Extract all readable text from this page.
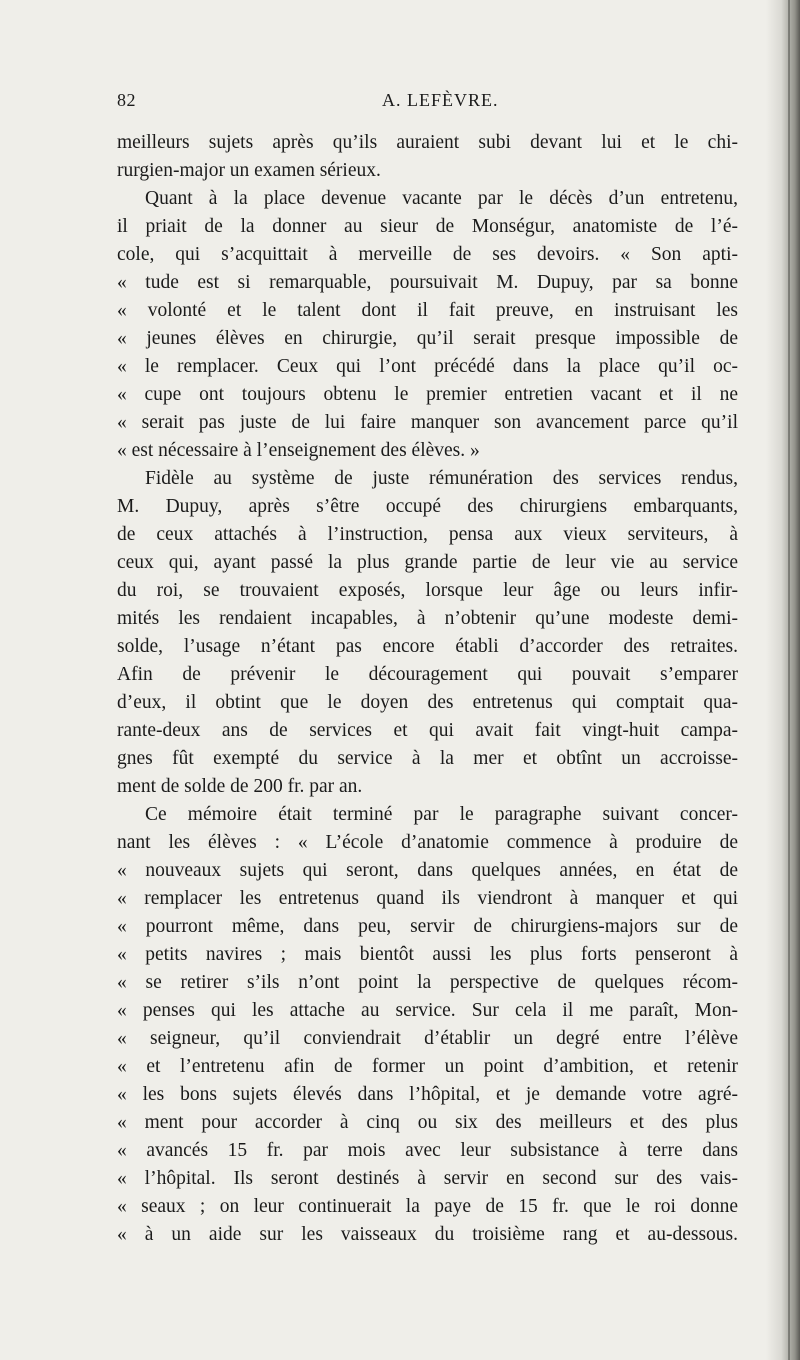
82	A. LEFÈVRE.
meilleurs sujets après qu’ils auraient subi devant lui et le chi-
rurgien-major un examen sérieux.
Quant à la place devenue vacante par le décès d’un entretenu,
il priait de la donner au sieur de Monségur, anatomiste de l’é-
cole, qui s’acquittait à merveille de ses devoirs. « Son apti-
« tude est si remarquable, poursuivait M. Dupuy, par sa bonne
« volonté et le talent dont il fait preuve, en instruisant les
« jeunes élèves en chirurgie, qu’il serait presque impossible de
« le remplacer. Ceux qui l’ont précédé dans la place qu’il oc-
« cupe ont toujours obtenu le premier entretien vacant et il ne
« serait pas juste de lui faire manquer son avancement parce qu’il
« est nécessaire à l’enseignement des élèves. »
Fidèle au système de juste rémunération des services rendus,
M. Dupuy, après s’être occupé des chirurgiens embarquants,
de ceux attachés à l’instruction, pensa aux vieux serviteurs, à
ceux qui, ayant passé la plus grande partie de leur vie au service
du roi, se trouvaient exposés, lorsque leur âge ou leurs infir-
mités les rendaient incapables, à n’obtenir qu’une modeste demi-
solde, l’usage n’étant pas encore établi d’accorder des retraites.
Afin de prévenir le découragement qui pouvait s’emparer
d’eux, il obtint que le doyen des entretenus qui comptait qua-
rante-deux ans de services et qui avait fait vingt-huit campa-
gnes fût exempté du service à la mer et obtînt un accroisse-
ment de solde de 200 fr. par an.
Ce mémoire était terminé par le paragraphe suivant concer-
nant les élèves : « L’école d’anatomie commence à produire de
« nouveaux sujets qui seront, dans quelques années, en état de
« remplacer les entretenus quand ils viendront à manquer et qui
« pourront même, dans peu, servir de chirurgiens-majors sur de
« petits navires ; mais bientôt aussi les plus forts penseront à
« se retirer s’ils n’ont point la perspective de quelques récom-
« penses qui les attache au service. Sur cela il me paraît, Mon-
« seigneur, qu’il conviendrait d’établir un degré entre l’élève
« et l’entretenu afin de former un point d’ambition, et retenir
« les bons sujets élevés dans l’hôpital, et je demande votre agré-
« ment pour accorder à cinq ou six des meilleurs et des plus
« avancés 15 fr. par mois avec leur subsistance à terre dans
« l’hôpital. Ils seront destinés à servir en second sur des vais-
« seaux ; on leur continuerait la paye de 15 fr. que le roi donne
« à un aide sur les vaisseaux du troisième rang et au-dessous.
